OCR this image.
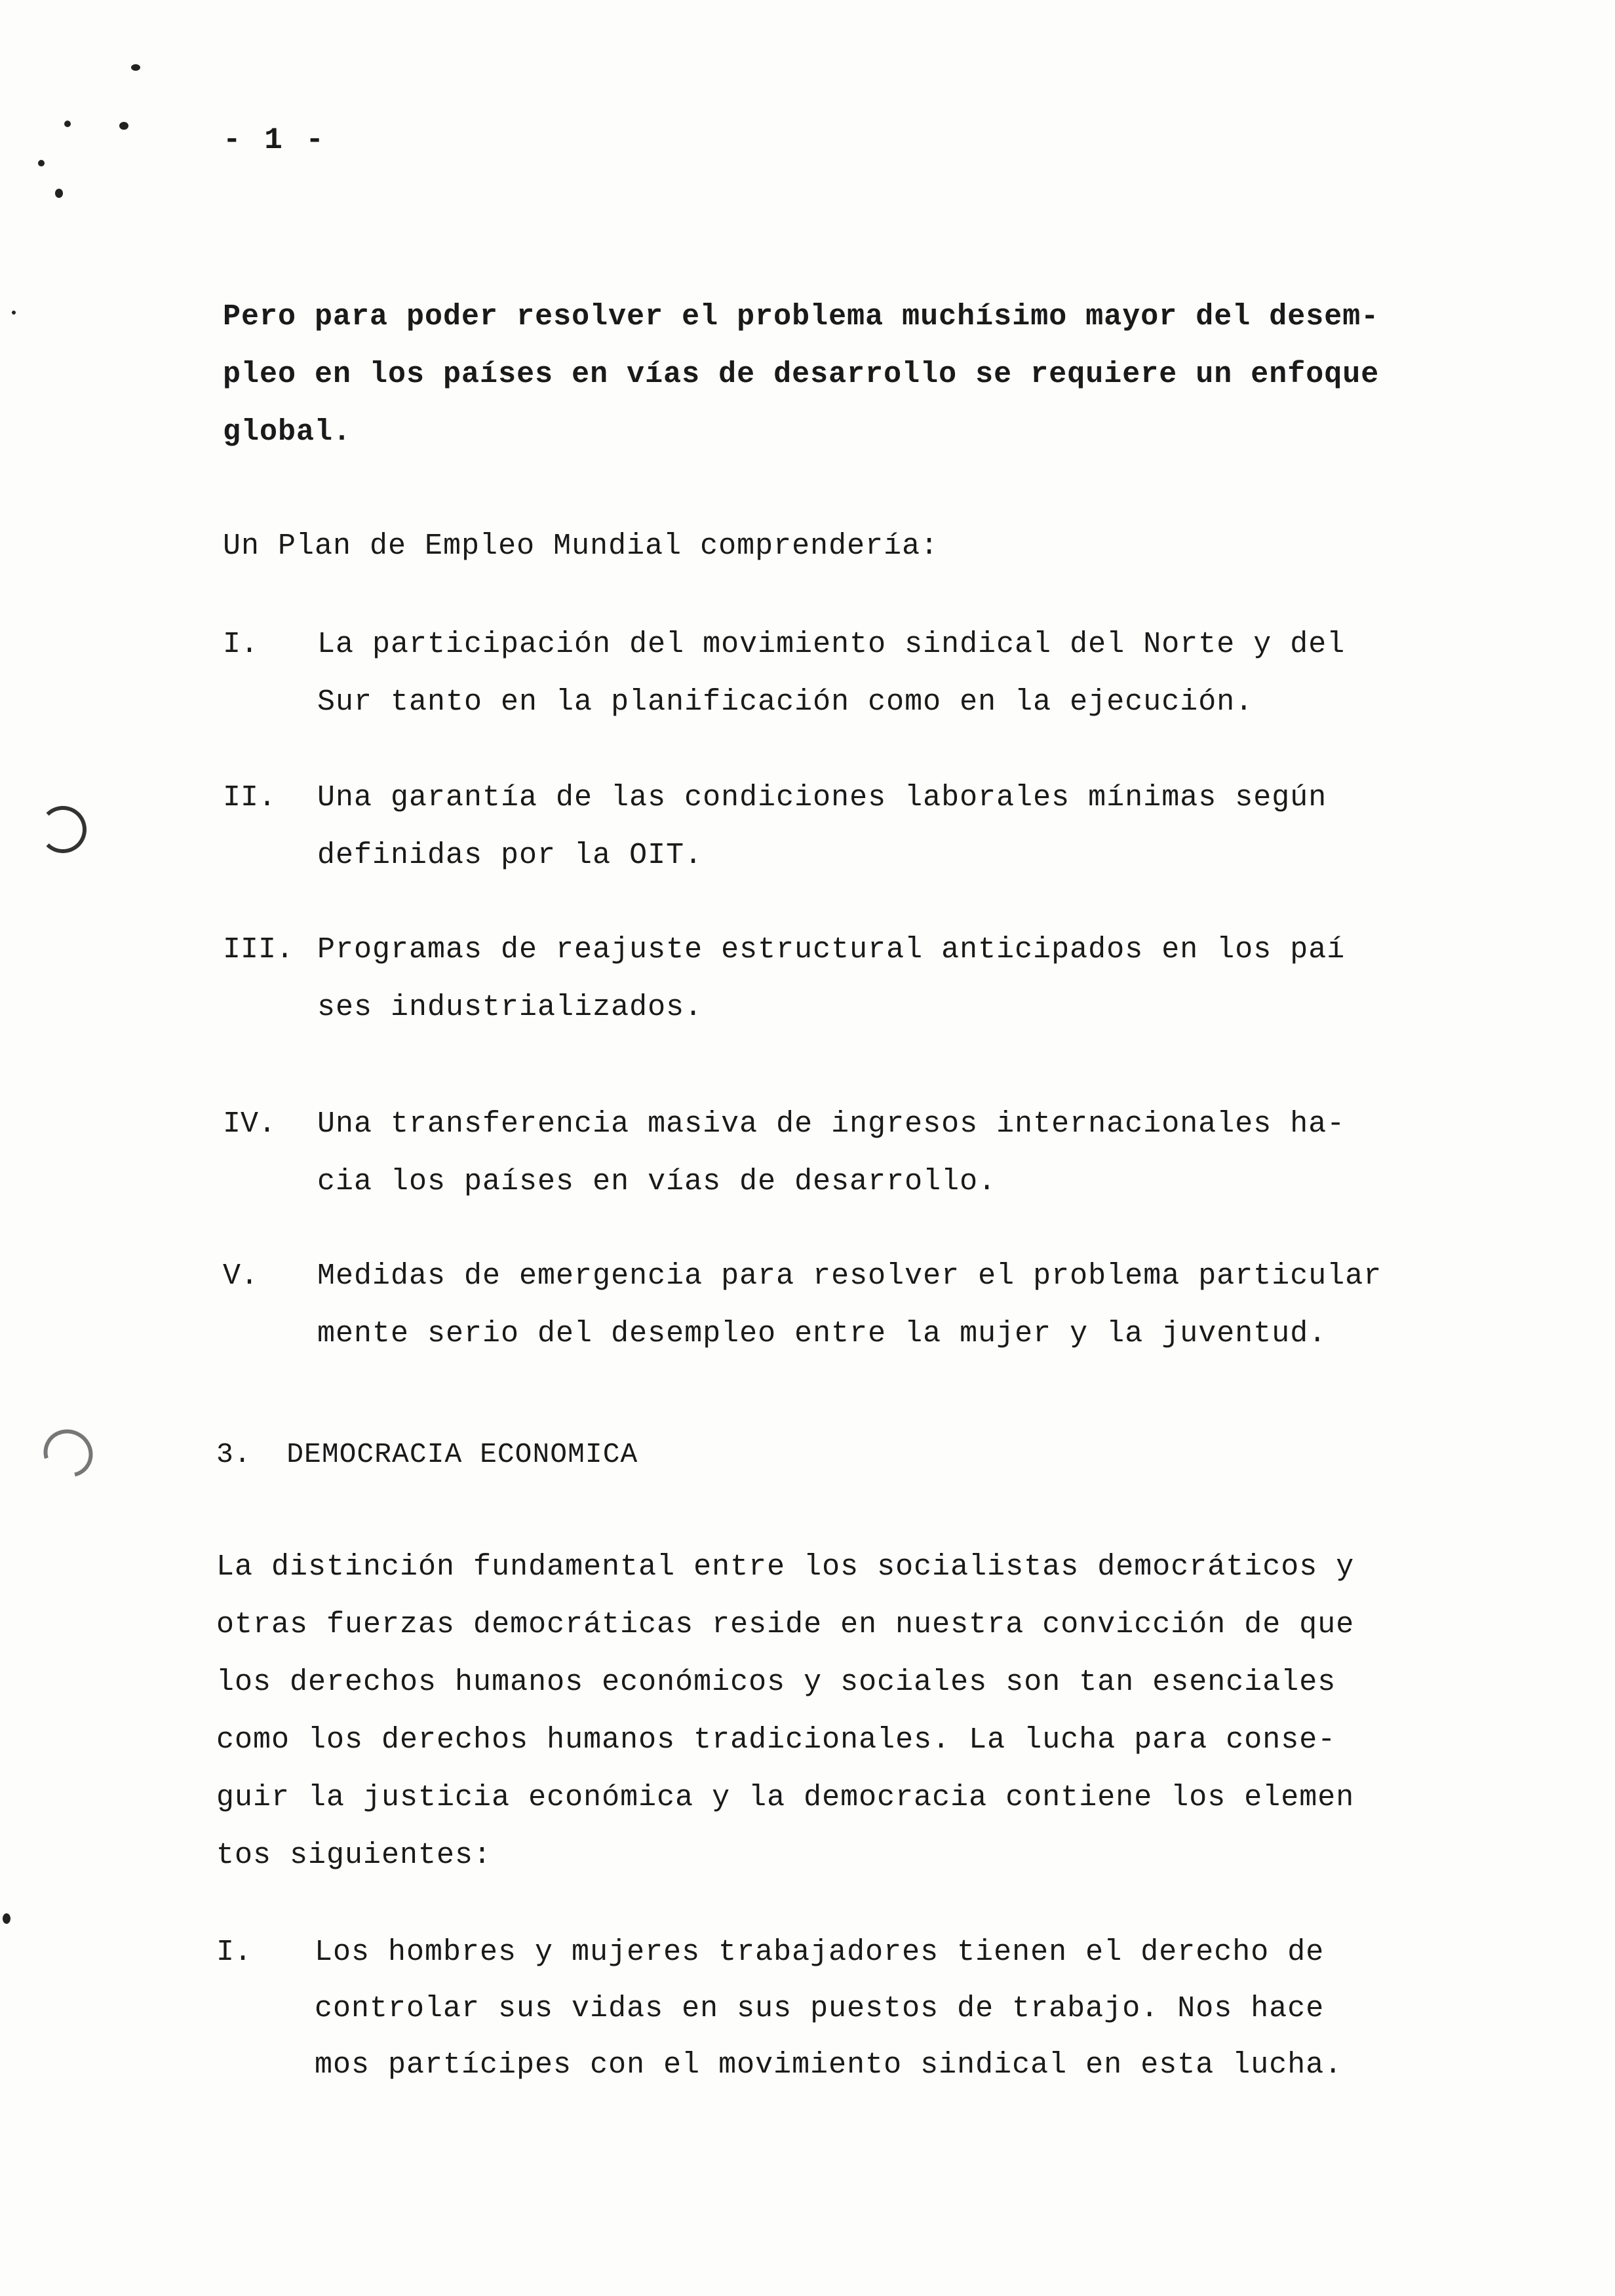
- 1 -
Pero para poder resolver el problema muchísimo mayor del desem-
pleo en los países en vías de desarrollo se requiere un enfoque
global.
Un Plan de Empleo Mundial comprendería:
I. La participación del movimiento sindical del Norte y del
Sur tanto en la planificación como en la ejecución.
II. Una garantía de las condiciones laborales mínimas según
definidas por la OIT.
III. Programas de reajuste estructural anticipados en los paí
ses industrializados.
IV. Una transferencia masiva de ingresos internacionales ha-
cia los países en vías de desarrollo.
V. Medidas de emergencia para resolver el problema particular
mente serio del desempleo entre la mujer y la juventud.
3.  DEMOCRACIA ECONOMICA
La distinción fundamental entre los socialistas democráticos y
otras fuerzas democráticas reside en nuestra convicción de que
los derechos humanos económicos y sociales son tan esenciales
como los derechos humanos tradicionales. La lucha para conse-
guir la justicia económica y la democracia contiene los elemen
tos siguientes:
I. Los hombres y mujeres trabajadores tienen el derecho de
controlar sus vidas en sus puestos de trabajo. Nos hace
mos partícipes con el movimiento sindical en esta lucha.
